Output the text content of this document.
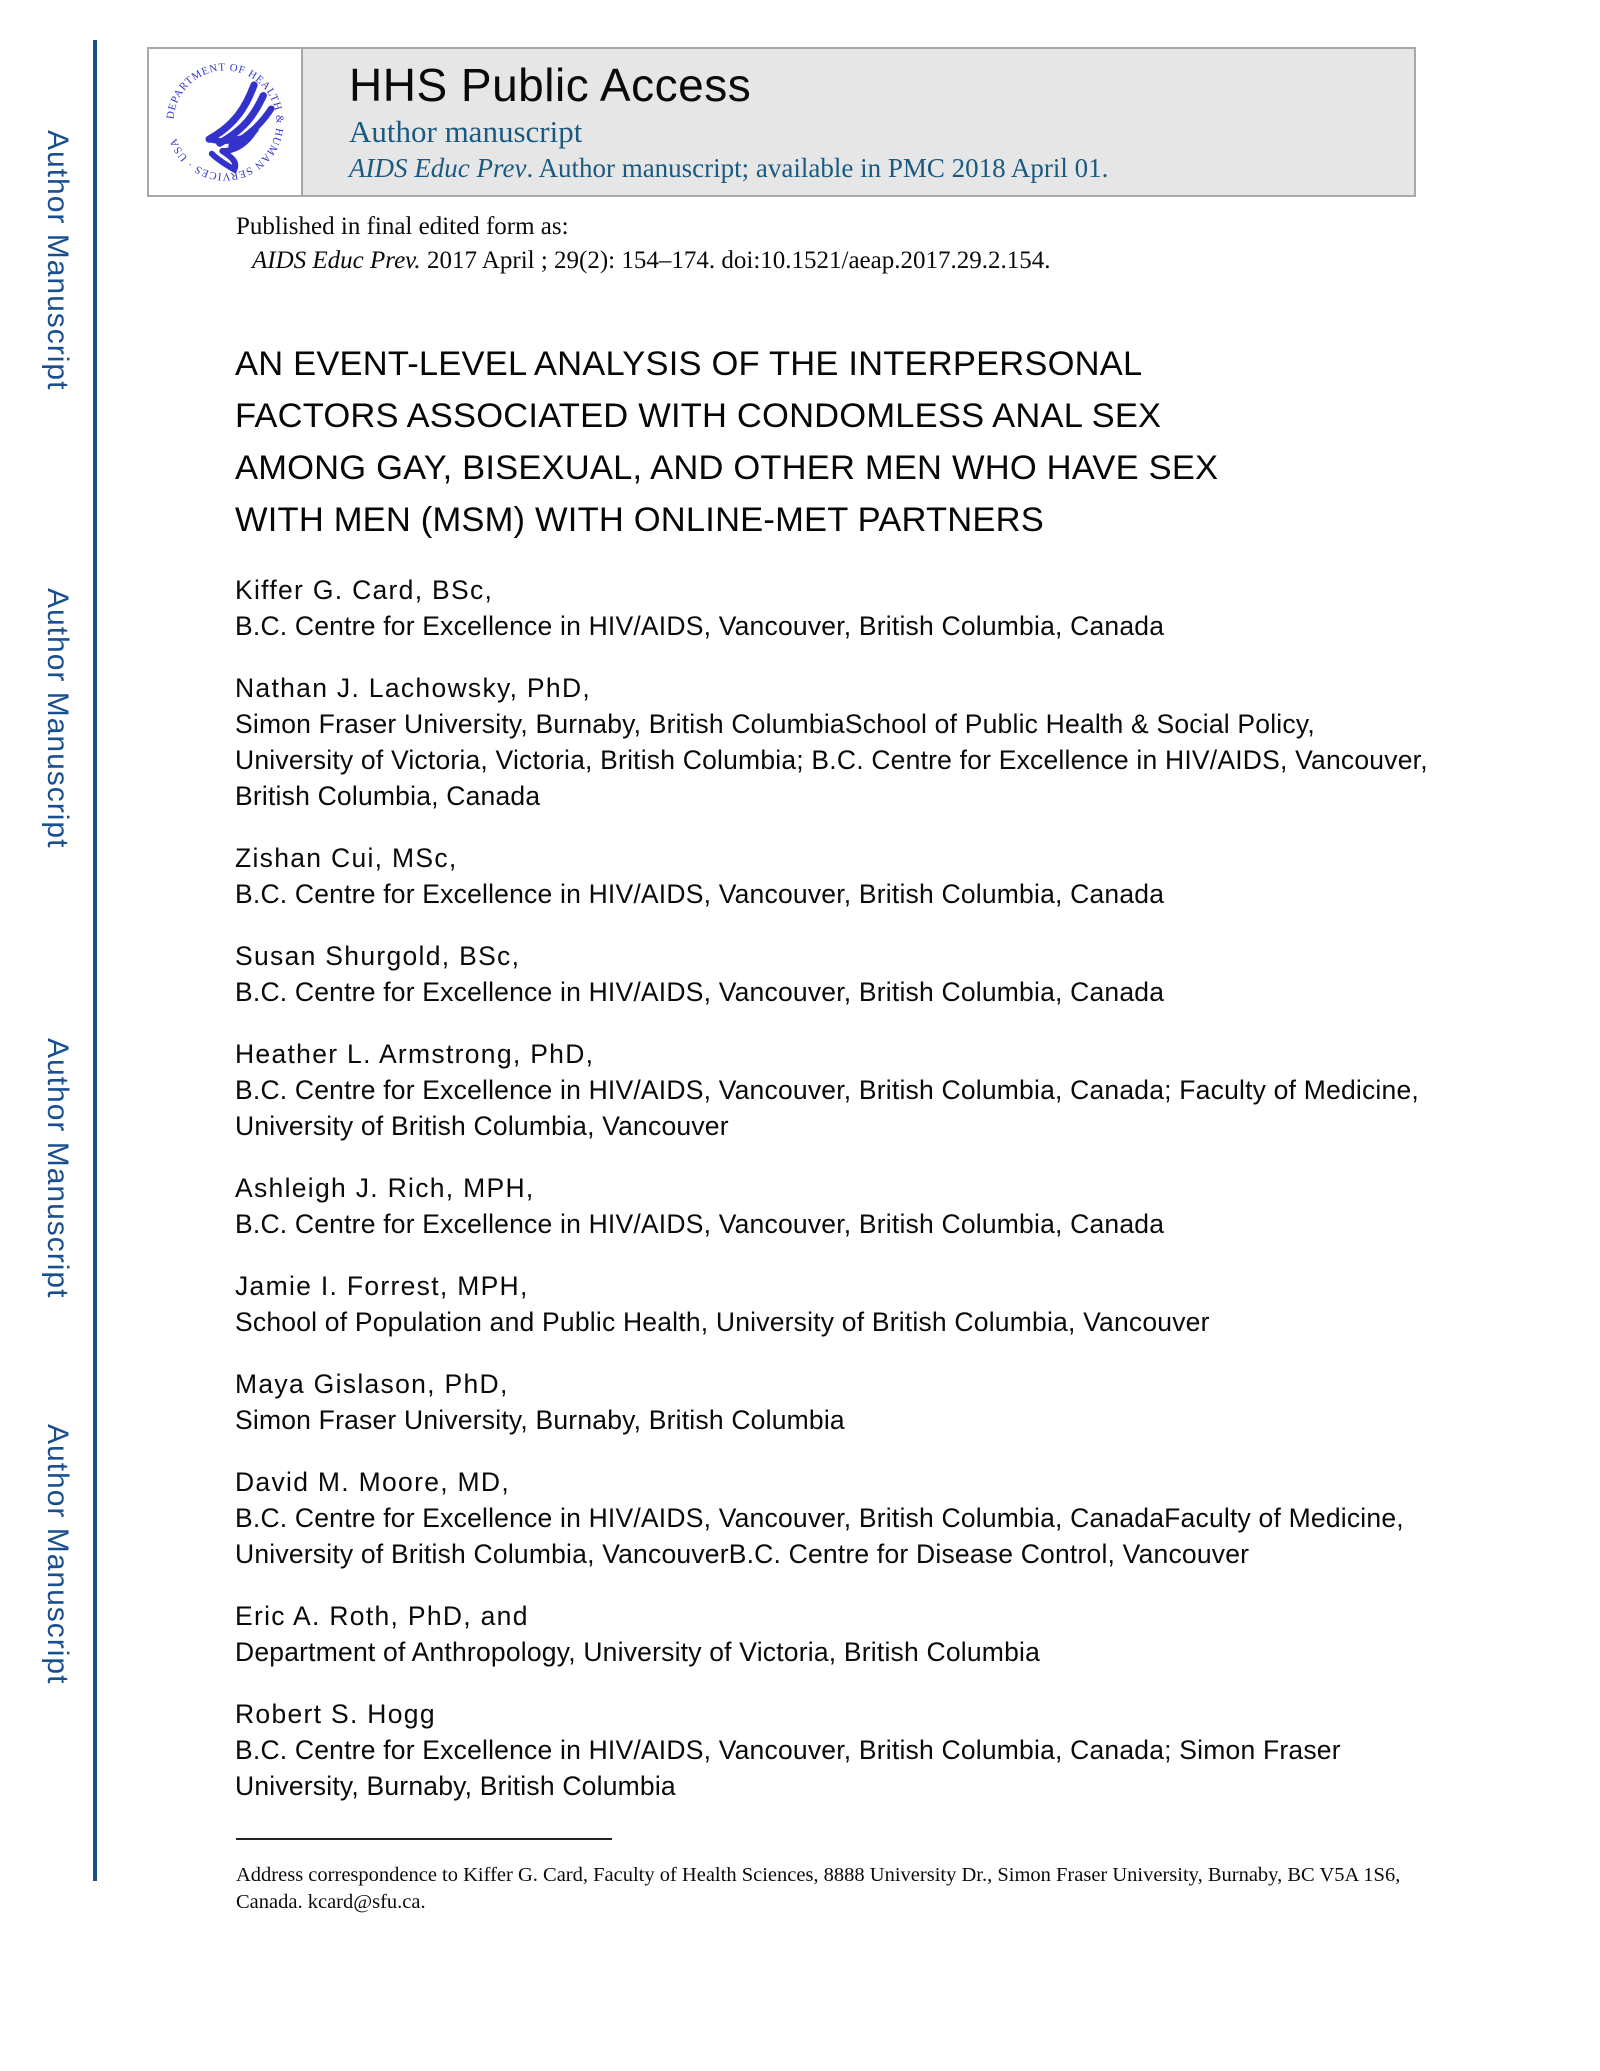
Author Manuscript
Author Manuscript
Author Manuscript
Author Manuscript
DEPARTMENT OF HEALTH & HUMAN SERVICES · USA
HHS Public Access
Author manuscript
AIDS Educ Prev. Author manuscript; available in PMC 2018 April 01.
Published in final edited form as:
AIDS Educ Prev. 2017 April ; 29(2): 154–174. doi:10.1521/aeap.2017.29.2.154.
AN EVENT-LEVEL ANALYSIS OF THE INTERPERSONAL
FACTORS ASSOCIATED WITH CONDOMLESS ANAL SEX
AMONG GAY, BISEXUAL, AND OTHER MEN WHO HAVE SEX
WITH MEN (MSM) WITH ONLINE-MET PARTNERS
Kiffer G. Card, BSc,
B.C. Centre for Excellence in HIV/AIDS, Vancouver, British Columbia, Canada
Nathan J. Lachowsky, PhD,
Simon Fraser University, Burnaby, British ColumbiaSchool of Public Health & Social Policy, University of Victoria, Victoria, British Columbia; B.C. Centre for Excellence in HIV/AIDS, Vancouver, British Columbia, Canada
Zishan Cui, MSc,
B.C. Centre for Excellence in HIV/AIDS, Vancouver, British Columbia, Canada
Susan Shurgold, BSc,
B.C. Centre for Excellence in HIV/AIDS, Vancouver, British Columbia, Canada
Heather L. Armstrong, PhD,
B.C. Centre for Excellence in HIV/AIDS, Vancouver, British Columbia, Canada; Faculty of Medicine, University of British Columbia, Vancouver
Ashleigh J. Rich, MPH,
B.C. Centre for Excellence in HIV/AIDS, Vancouver, British Columbia, Canada
Jamie I. Forrest, MPH,
School of Population and Public Health, University of British Columbia, Vancouver
Maya Gislason, PhD,
Simon Fraser University, Burnaby, British Columbia
David M. Moore, MD,
B.C. Centre for Excellence in HIV/AIDS, Vancouver, British Columbia, CanadaFaculty of Medicine, University of British Columbia, VancouverB.C. Centre for Disease Control, Vancouver
Eric A. Roth, PhD, and
Department of Anthropology, University of Victoria, British Columbia
Robert S. Hogg
B.C. Centre for Excellence in HIV/AIDS, Vancouver, British Columbia, Canada; Simon Fraser University, Burnaby, British Columbia
Address correspondence to Kiffer G. Card, Faculty of Health Sciences, 8888 University Dr., Simon Fraser University, Burnaby, BC V5A 1S6, Canada. kcard@sfu.ca.
